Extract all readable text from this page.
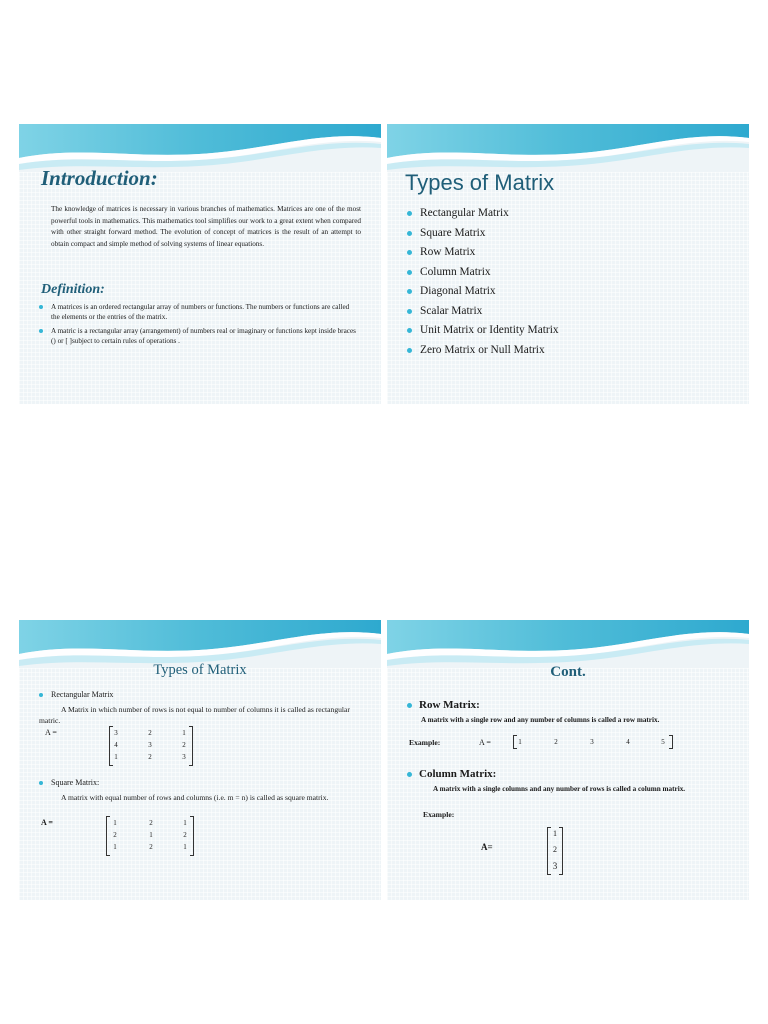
Introduction:

The knowledge of matrices is necessary in various branches of mathematics. Matrices are one of the most powerful tools in mathematics. This mathematics tool simplifies our work to a great extent when compared with other straight forward method. The evolution of concept of matrices is the result of an attempt to obtain compact and simple method of solving systems of linear equations.

Definition:
A matrices is an ordered rectangular array of numbers or functions. The numbers or functions are called the elements or the entries of the matrix.
A matric is a rectangular array (arrangement) of numbers real or imaginary or functions kept inside braces () or [ ]subject to certain rules of operations .
Types of Matrix
Rectangular Matrix
Square Matrix
Row Matrix
Column Matrix
Diagonal Matrix
Scalar Matrix
Unit Matrix or Identity Matrix
Zero Matrix or Null Matrix
Types of Matrix
Rectangular Matrix

A Matrix in which number of rows is not equal to number of columns it is called as rectangular matric.

A =	3	2	1
4	3	2
1	2	3
Square Matrix:

A matrix with equal number of rows and columns (i.e. m = n) is called as square matrix.

A =	1	2	1
2	1	2
1	2	1
Cont.
Row Matrix:

A matrix with a single row and any number of columns is called a row matrix.

Example:	A =	1	2	3	4	5
Column Matrix:

A matrix with a single columns and any number of rows is called a column matrix.

Example:
A=
1
2
3
